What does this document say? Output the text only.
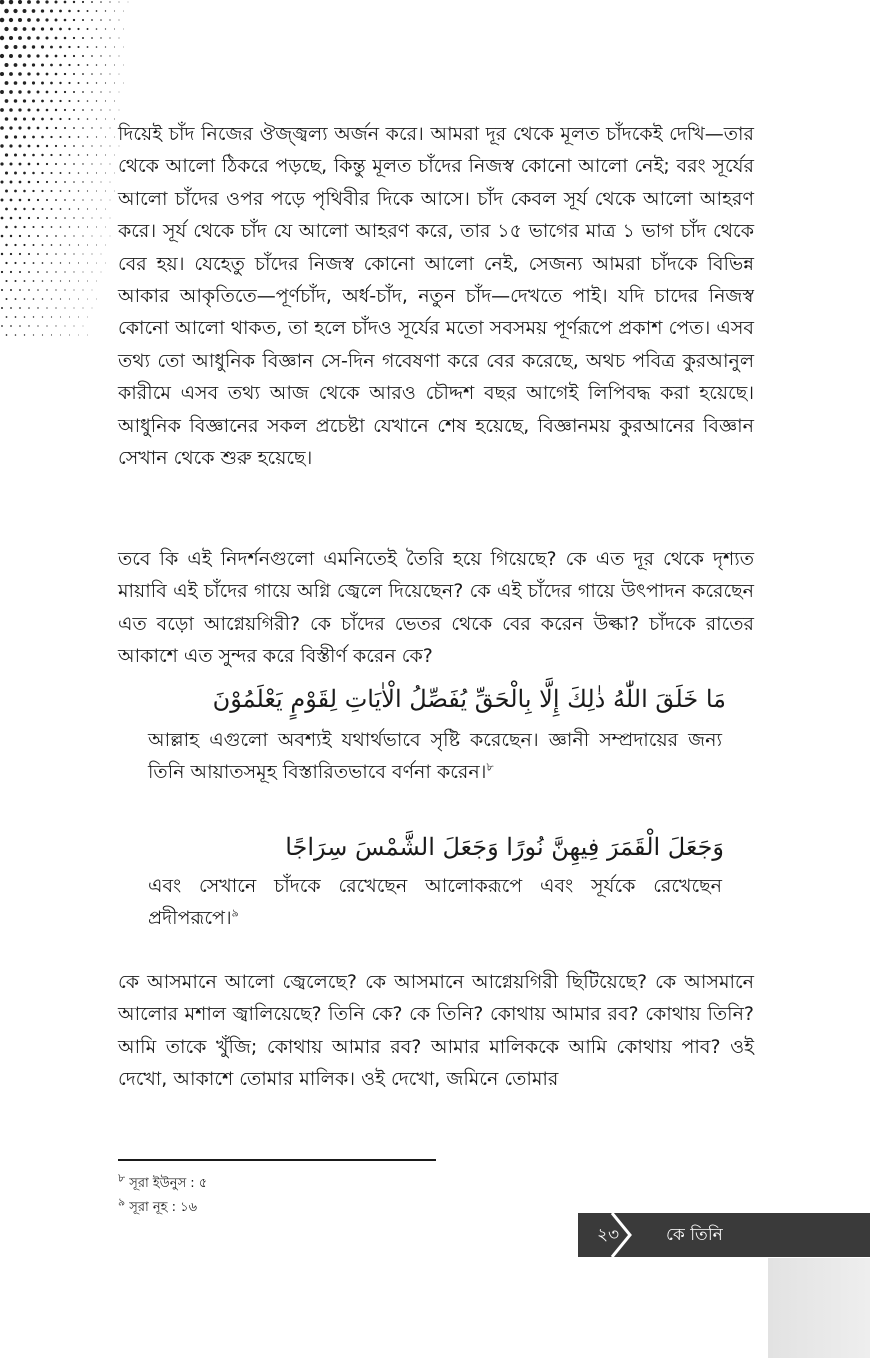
দিয়েই চাঁদ নিজের ঔজ্জ্বল্য অর্জন করে। আমরা দূর থেকে মূলত চাঁদকেই দেখি—তার থেকে আলো ঠিকরে পড়ছে, কিন্তু মূলত চাঁদের নিজস্ব কোনো আলো নেই; বরং সূর্যের আলো চাঁদের ওপর পড়ে পৃথিবীর দিকে আসে। চাঁদ কেবল সূর্য থেকে আলো আহরণ করে। সূর্য থেকে চাঁদ যে আলো আহরণ করে, তার ১৫ ভাগের মাত্র ১ ভাগ চাঁদ থেকে বের হয়। যেহেতু চাঁদের নিজস্ব কোনো আলো নেই, সেজন্য আমরা চাঁদকে বিভিন্ন আকার আকৃতিতে—পূর্ণচাঁদ, অর্ধ-চাঁদ, নতুন চাঁদ—দেখতে পাই। যদি চাদের নিজস্ব কোনো আলো থাকত, তা হলে চাঁদও সূর্যের মতো সবসময় পূর্ণরূপে প্রকাশ পেত। এসব তথ্য তো আধুনিক বিজ্ঞান সে-দিন গবেষণা করে বের করেছে, অথচ পবিত্র কুরআনুল কারীমে এসব তথ্য আজ থেকে আরও চৌদ্দশ বছর আগেই লিপিবদ্ধ করা হয়েছে। আধুনিক বিজ্ঞানের সকল প্রচেষ্টা যেখানে শেষ হয়েছে, বিজ্ঞানময় কুরআনের বিজ্ঞান সেখান থেকে শুরু হয়েছে।

তবে কি এই নিদর্শনগুলো এমনিতেই তৈরি হয়ে গিয়েছে? কে এত দূর থেকে দৃশ্যত মায়াবি এই চাঁদের গায়ে অগ্নি জ্বেলে দিয়েছেন? কে এই চাঁদের গায়ে উৎপাদন করেছেন এত বড়ো আগ্নেয়গিরী? কে চাঁদের ভেতর থেকে বের করেন উল্কা? চাঁদকে রাতের আকাশে এত সুন্দর করে বিস্তীর্ণ করেন কে?

مَا خَلَقَ اللّٰهُ ذٰلِكَ إِلَّا بِالْحَقِّ يُفَصِّلُ الْاٰيَاتِ لِقَوْمٍ يَعْلَمُوْنَ

আল্লাহ এগুলো অবশ্যই যথার্থভাবে সৃষ্টি করেছেন। জ্ঞানী সম্প্রদায়ের জন্য তিনি আয়াতসমূহ বিস্তারিতভাবে বর্ণনা করেন।$^৮$

وَجَعَلَ الْقَمَرَ فِيهِنَّ نُورًا وَجَعَلَ الشَّمْسَ سِرَاجًا

এবং সেখানে চাঁদকে রেখেছেন আলোকরূপে এবং সূর্যকে রেখেছেন প্রদীপরূপে।$^৯$

কে আসমানে আলো জ্বেলেছে? কে আসমানে আগ্নেয়গিরী ছিটিয়েছে? কে আসমানে আলোর মশাল জ্বালিয়েছে? তিনি কে? কে তিনি? কোথায় আমার রব? কোথায় তিনি? আমি তাকে খুঁজি; কোথায় আমার রব? আমার মালিককে আমি কোথায় পাব? ওই দেখো, আকাশে তোমার মালিক। ওই দেখো, জমিনে তোমার

$^৮$ সূরা ইউনুস : ৫
$^৯$ সূরা নূহ : ১৬
২৩	কে তিনি
